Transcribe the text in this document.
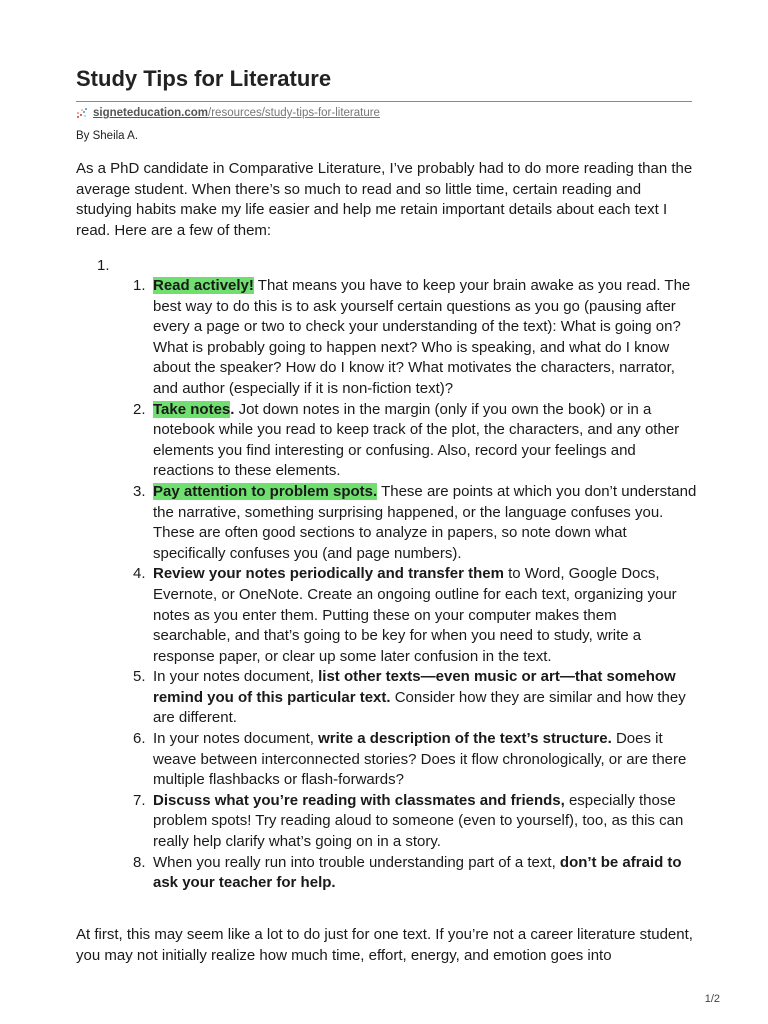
Study Tips for Literature
signeteducation.com/resources/study-tips-for-literature
By Sheila A.

As a PhD candidate in Comparative Literature, I’ve probably had to do more reading than the average student. When there’s so much to read and so little time, certain reading and studying habits make my life easier and help me retain important details about each text I read. Here are a few of them:

1.
1. Read actively! That means you have to keep your brain awake as you read. The best way to do this is to ask yourself certain questions as you go (pausing after every a page or two to check your understanding of the text): What is going on? What is probably going to happen next? Who is speaking, and what do I know about the speaker? How do I know it? What motivates the characters, narrator, and author (especially if it is non-fiction text)?
2. Take notes. Jot down notes in the margin (only if you own the book) or in a notebook while you read to keep track of the plot, the characters, and any other elements you find interesting or confusing. Also, record your feelings and reactions to these elements.
3. Pay attention to problem spots. These are points at which you don’t understand the narrative, something surprising happened, or the language confuses you. These are often good sections to analyze in papers, so note down what specifically confuses you (and page numbers).
4. Review your notes periodically and transfer them to Word, Google Docs, Evernote, or OneNote. Create an ongoing outline for each text, organizing your notes as you enter them. Putting these on your computer makes them searchable, and that’s going to be key for when you need to study, write a response paper, or clear up some later confusion in the text.
5. In your notes document, list other texts—even music or art—that somehow remind you of this particular text. Consider how they are similar and how they are different.
6. In your notes document, write a description of the text’s structure. Does it weave between interconnected stories? Does it flow chronologically, or are there multiple flashbacks or flash-forwards?
7. Discuss what you’re reading with classmates and friends, especially those problem spots! Try reading aloud to someone (even to yourself), too, as this can really help clarify what’s going on in a story.
8. When you really run into trouble understanding part of a text, don’t be afraid to ask your teacher for help.

At first, this may seem like a lot to do just for one text. If you’re not a career literature student, you may not initially realize how much time, effort, energy, and emotion goes into

1/2
